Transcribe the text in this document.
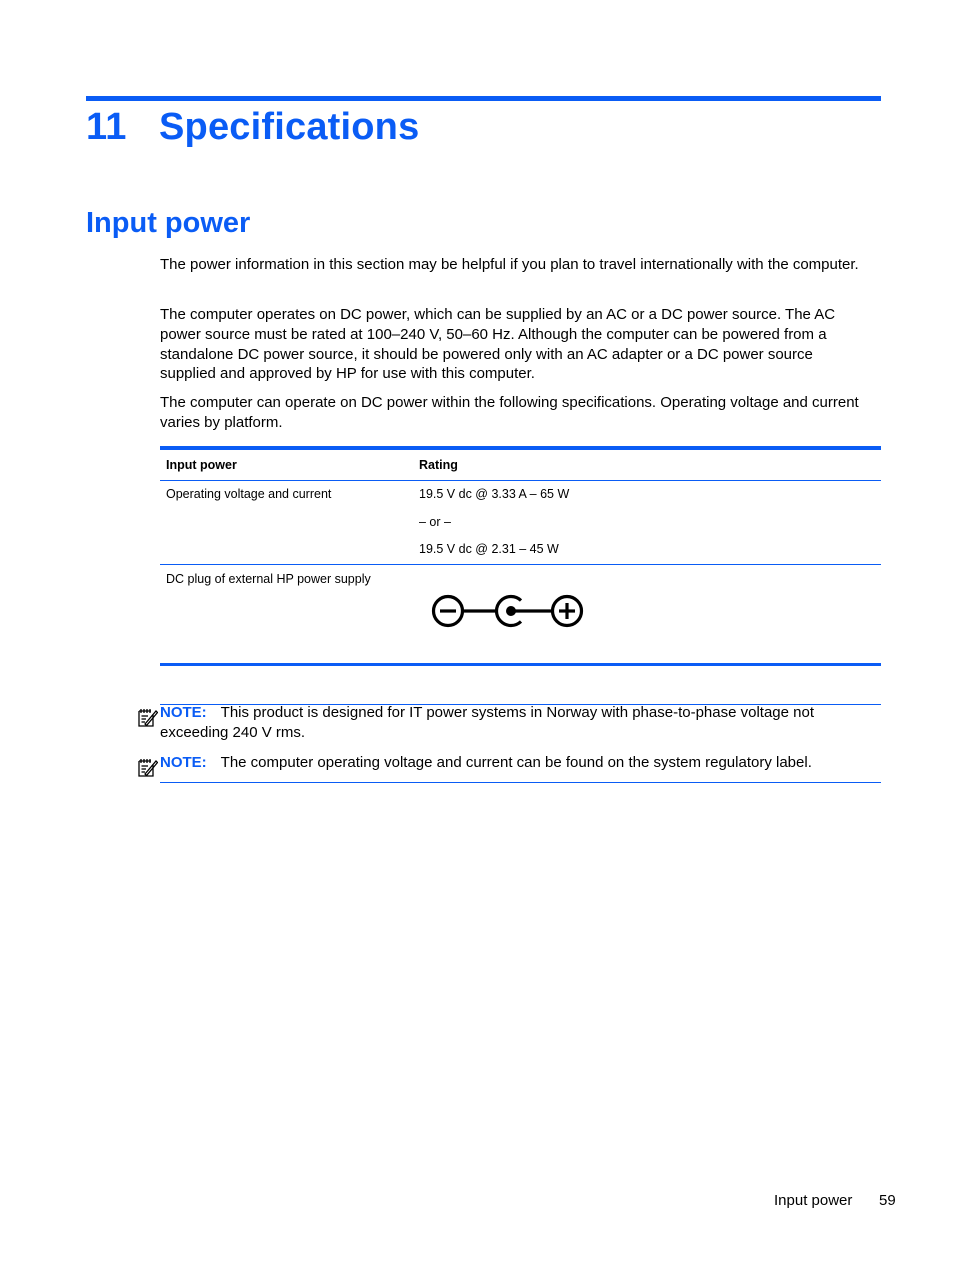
11 Specifications
Input power

The power information in this section may be helpful if you plan to travel internationally with the computer.

The computer operates on DC power, which can be supplied by an AC or a DC power source. The AC power source must be rated at 100–240 V, 50–60 Hz. Although the computer can be powered from a standalone DC power source, it should be powered only with an AC adapter or a DC power source supplied and approved by HP for use with this computer.

The computer can operate on DC power within the following specifications. Operating voltage and current varies by platform.

Input power	Rating
Operating voltage and current	19.5 V dc @ 3.33 A – 65 W
– or –
19.5 V dc @ 2.31 – 45 W
DC plug of external HP power supply

NOTE: This product is designed for IT power systems in Norway with phase-to-phase voltage not exceeding 240 V rms.

NOTE: The computer operating voltage and current can be found on the system regulatory label.

Input power 59
